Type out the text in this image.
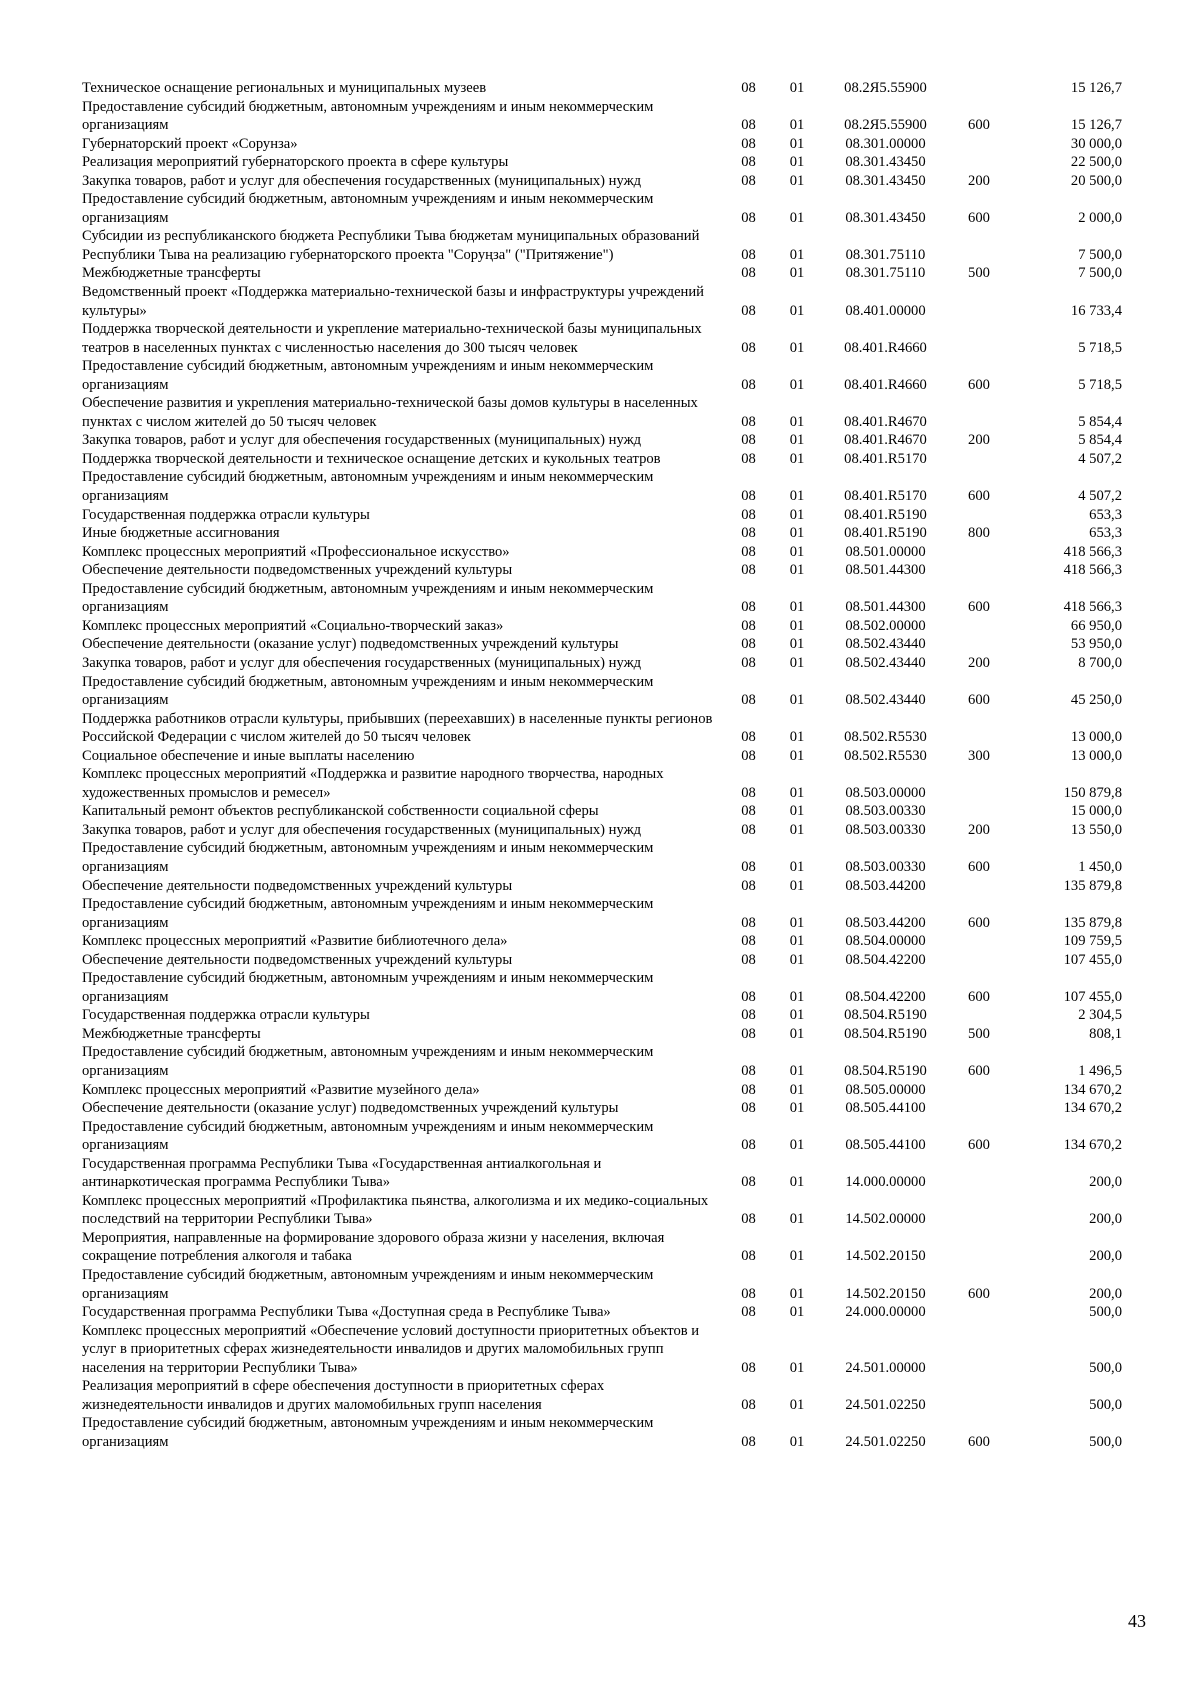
Техническое оснащение региональных и муниципальных музеев	08	01	08.2Я5.55900		15 126,7
Предоставление субсидий бюджетным, автономным учреждениям и иным некоммерческим организациям	08	01	08.2Я5.55900	600	15 126,7
Губернаторский проект «Сорунза»	08	01	08.301.00000		30 000,0
Реализация мероприятий губернаторского проекта в сфере культуры	08	01	08.301.43450		22 500,0
Закупка товаров, работ и услуг для обеспечения государственных (муниципальных) нужд	08	01	08.301.43450	200	20 500,0
Предоставление субсидий бюджетным, автономным учреждениям и иным некоммерческим организациям	08	01	08.301.43450	600	2 000,0
Субсидии из республиканского бюджета Республики Тыва бюджетам муниципальных образований Республики Тыва на реализацию губернаторского проекта "Соруңза" ("Притяжение")	08	01	08.301.75110		7 500,0
Межбюджетные трансферты	08	01	08.301.75110	500	7 500,0
Ведомственный проект «Поддержка материально-технической базы и инфраструктуры учреждений культуры»	08	01	08.401.00000		16 733,4
Поддержка творческой деятельности и укрепление материально-технической базы муниципальных театров в населенных пунктах с численностью населения до 300 тысяч человек	08	01	08.401.R4660		5 718,5
Предоставление субсидий бюджетным, автономным учреждениям и иным некоммерческим организациям	08	01	08.401.R4660	600	5 718,5
Обеспечение развития и укрепления материально-технической базы домов культуры в населенных пунктах с числом жителей до 50 тысяч человек	08	01	08.401.R4670		5 854,4
Закупка товаров, работ и услуг для обеспечения государственных (муниципальных) нужд	08	01	08.401.R4670	200	5 854,4
Поддержка творческой деятельности и техническое оснащение детских и кукольных театров	08	01	08.401.R5170		4 507,2
Предоставление субсидий бюджетным, автономным учреждениям и иным некоммерческим организациям	08	01	08.401.R5170	600	4 507,2
Государственная поддержка отрасли культуры	08	01	08.401.R5190		653,3
Иные бюджетные ассигнования	08	01	08.401.R5190	800	653,3
Комплекс процессных мероприятий «Профессиональное искусство»	08	01	08.501.00000		418 566,3
Обеспечение деятельности подведомственных учреждений культуры	08	01	08.501.44300		418 566,3
Предоставление субсидий бюджетным, автономным учреждениям и иным некоммерческим организациям	08	01	08.501.44300	600	418 566,3
Комплекс процессных мероприятий «Социально-творческий заказ»	08	01	08.502.00000		66 950,0
Обеспечение деятельности (оказание услуг) подведомственных учреждений культуры	08	01	08.502.43440		53 950,0
Закупка товаров, работ и услуг для обеспечения государственных (муниципальных) нужд	08	01	08.502.43440	200	8 700,0
Предоставление субсидий бюджетным, автономным учреждениям и иным некоммерческим организациям	08	01	08.502.43440	600	45 250,0
Поддержка работников отрасли культуры, прибывших (переехавших) в населенные пункты регионов Российской Федерации с числом жителей до 50 тысяч человек	08	01	08.502.R5530		13 000,0
Социальное обеспечение и иные выплаты населению	08	01	08.502.R5530	300	13 000,0
Комплекс процессных мероприятий «Поддержка и развитие народного творчества, народных художественных промыслов и ремесел»	08	01	08.503.00000		150 879,8
Капитальный ремонт объектов республиканской собственности социальной сферы	08	01	08.503.00330		15 000,0
Закупка товаров, работ и услуг для обеспечения государственных (муниципальных) нужд	08	01	08.503.00330	200	13 550,0
Предоставление субсидий бюджетным, автономным учреждениям и иным некоммерческим организациям	08	01	08.503.00330	600	1 450,0
Обеспечение деятельности подведомственных учреждений культуры	08	01	08.503.44200		135 879,8
Предоставление субсидий бюджетным, автономным учреждениям и иным некоммерческим организациям	08	01	08.503.44200	600	135 879,8
Комплекс процессных мероприятий «Развитие библиотечного дела»	08	01	08.504.00000		109 759,5
Обеспечение деятельности подведомственных учреждений культуры	08	01	08.504.42200		107 455,0
Предоставление субсидий бюджетным, автономным учреждениям и иным некоммерческим организациям	08	01	08.504.42200	600	107 455,0
Государственная поддержка отрасли культуры	08	01	08.504.R5190		2 304,5
Межбюджетные трансферты	08	01	08.504.R5190	500	808,1
Предоставление субсидий бюджетным, автономным учреждениям и иным некоммерческим организациям	08	01	08.504.R5190	600	1 496,5
Комплекс процессных мероприятий «Развитие музейного дела»	08	01	08.505.00000		134 670,2
Обеспечение деятельности (оказание услуг) подведомственных учреждений культуры	08	01	08.505.44100		134 670,2
Предоставление субсидий бюджетным, автономным учреждениям и иным некоммерческим организациям	08	01	08.505.44100	600	134 670,2
Государственная программа Республики Тыва «Государственная антиалкогольная и антинаркотическая программа Республики Тыва»	08	01	14.000.00000		200,0
Комплекс процессных мероприятий «Профилактика пьянства, алкоголизма и их медико-социальных последствий на территории Республики Тыва»	08	01	14.502.00000		200,0
Мероприятия, направленные на формирование здорового образа жизни у населения, включая сокращение потребления алкоголя и табака	08	01	14.502.20150		200,0
Предоставление субсидий бюджетным, автономным учреждениям и иным некоммерческим организациям	08	01	14.502.20150	600	200,0
Государственная программа Республики Тыва «Доступная среда в Республике Тыва»	08	01	24.000.00000		500,0
Комплекс процессных мероприятий «Обеспечение условий доступности приоритетных объектов и услуг в приоритетных сферах жизнедеятельности инвалидов и других маломобильных групп населения на территории Республики Тыва»	08	01	24.501.00000		500,0
Реализация мероприятий в сфере обеспечения доступности в приоритетных сферах жизнедеятельности инвалидов и других маломобильных групп населения	08	01	24.501.02250		500,0
Предоставление субсидий бюджетным, автономным учреждениям и иным некоммерческим организациям	08	01	24.501.02250	600	500,0
43
